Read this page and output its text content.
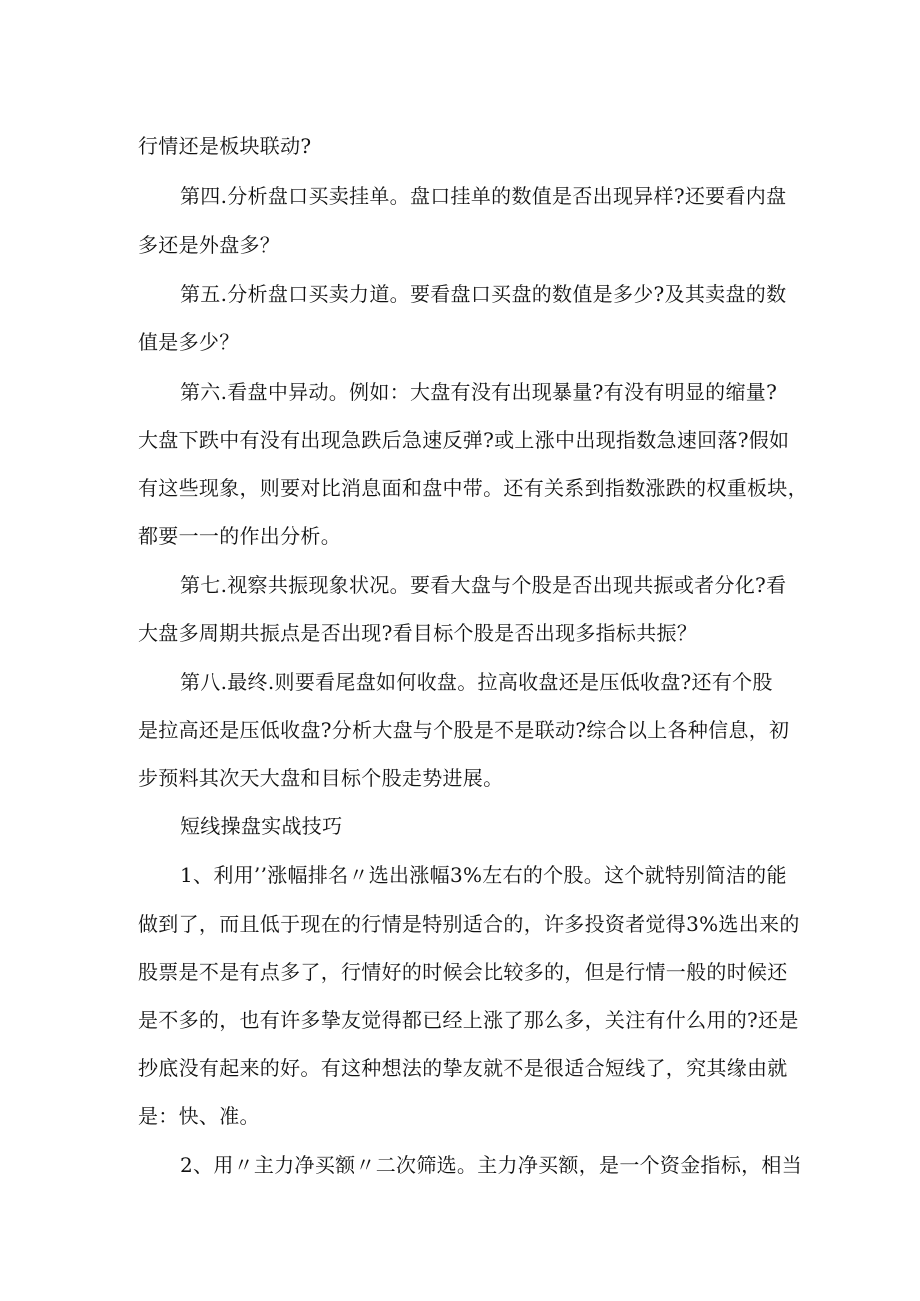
行情还是板块联动?
第四.分析盘口买卖挂单。盘口挂单的数值是否出现异样?还要看内盘
多还是外盘多？
第五.分析盘口买卖力道。要看盘口买盘的数值是多少?及其卖盘的数
值是多少？
第六.看盘中异动。例如：大盘有没有出现暴量?有没有明显的缩量?
大盘下跌中有没有出现急跌后急速反弹?或上涨中出现指数急速回落?假如
有这些现象，则要对比消息面和盘中带。还有关系到指数涨跌的权重板块，
都要一一的作出分析。
第七.视察共振现象状况。要看大盘与个股是否出现共振或者分化?看
大盘多周期共振点是否出现?看目标个股是否出现多指标共振？
第八.最终.则要看尾盘如何收盘。拉高收盘还是压低收盘?还有个股
是拉高还是压低收盘?分析大盘与个股是不是联动?综合以上各种信息，初
步预料其次天大盘和目标个股走势进展。
短线操盘实战技巧
1、利用’’涨幅排名〃选出涨幅3%左右的个股。这个就特别简洁的能
做到了，而且低于现在的行情是特别适合的，许多投资者觉得3%选出来的
股票是不是有点多了，行情好的时候会比较多的，但是行情一般的时候还
是不多的，也有许多挚友觉得都已经上涨了那么多，关注有什么用的?还是
抄底没有起来的好。有这种想法的挚友就不是很适合短线了，究其缘由就
是：快、准。
2、用〃主力净买额〃二次筛选。主力净买额，是一个资金指标，相当
